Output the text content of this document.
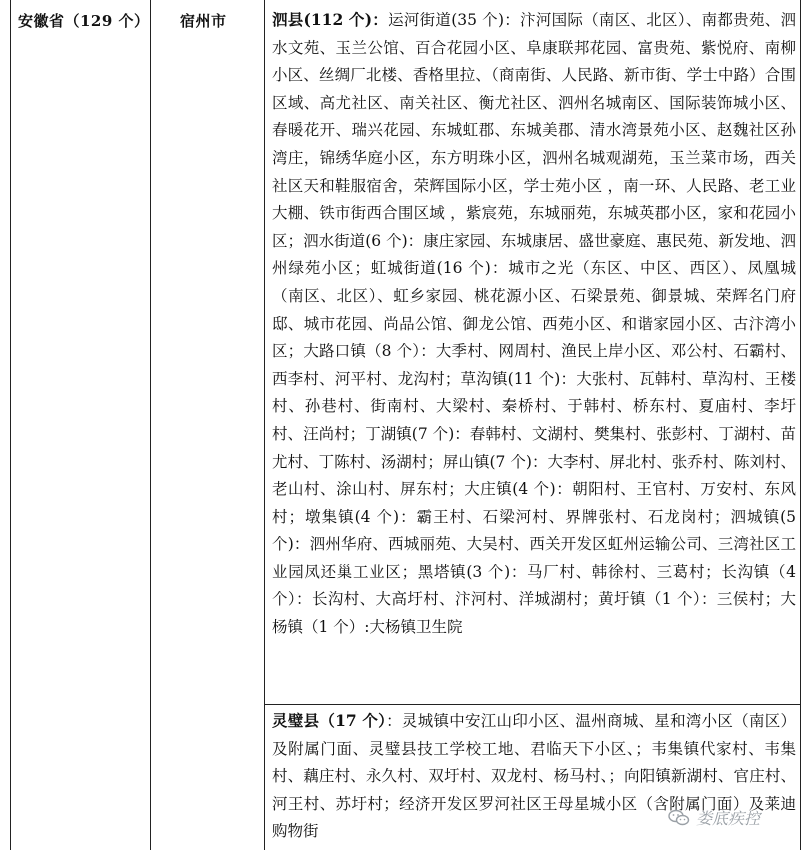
安徽省（129 个） 宿州市	泗县(112 个)：运河街道(35 个)：汴河国际（南区、北区）、南都贵苑、泗水文苑、玉兰公馆、百合花园小区、阜康联邦花园、富贵苑、紫悦府、南柳小区、丝绸厂北楼、香格里拉、（商南街、人民路、新市街、学士中路）合围区域、高尤社区、南关社区、衡尤社区、泗州名城南区、国际装饰城小区、春暖花开、瑞兴花园、东城虹郡、东城美郡、清水湾景苑小区、赵魏社区孙湾庄，锦绣华庭小区，东方明珠小区，泗州名城观湖苑，玉兰菜市场，西关社区天和鞋服宿舍，荣辉国际小区，学士苑小区 ，南一环、人民路、老工业大棚、铁市街西合围区域 ，紫宸苑，东城丽苑，东城英郡小区，家和花园小区；泗水街道(6 个)：康庄家园、东城康居、盛世豪庭、惠民苑、新发地、泗州绿苑小区；虹城街道(16 个)：城市之光（东区、中区、西区）、凤凰城（南区、北区）、虹乡家园、桃花源小区、石梁景苑、御景城、荣辉名门府邸、城市花园、尚品公馆、御龙公馆、西苑小区、和谐家园小区、古汴湾小区；大路口镇（8 个）：大季村、网周村、渔民上岸小区、邓公村、石霸村、西李村、河平村、龙沟村；草沟镇(11 个)：大张村、瓦韩村、草沟村、王楼村、孙巷村、街南村、大梁村、秦桥村、于韩村、桥东村、夏庙村、李圩村、汪尚村；丁湖镇(7 个)：春韩村、文湖村、樊集村、张彭村、丁湖村、苗尤村、丁陈村、汤湖村；屏山镇(7 个)：大李村、屏北村、张乔村、陈刘村、老山村、涂山村、屏东村；大庄镇(4 个)：朝阳村、王官村、万安村、东风村；墩集镇(4 个)：霸王村、石梁河村、界牌张村、石龙岗村；泗城镇(5 个)：泗州华府、西城丽苑、大吴村、西关开发区虹州运输公司、三湾社区工业园凤还巢工业区；黑塔镇(3 个)：马厂村、韩徐村、三葛村；长沟镇（4 个）：长沟村、大高圩村、汴河村、洋城湖村；黄圩镇（1 个）：三侯村；大杨镇（1 个）:大杨镇卫生院
灵璧县（17 个）：灵城镇中安江山印小区、温州商城、星和湾小区（南区）及附属门面、灵璧县技工学校工地、君临天下小区、；韦集镇代家村、韦集村、藕庄村、永久村、双圩村、双龙村、杨马村、；向阳镇新湖村、官庄村、河王村、苏圩村；经济开发区罗河社区王母星城小区（含附属门面）及莱迪购物街
娄底疾控
